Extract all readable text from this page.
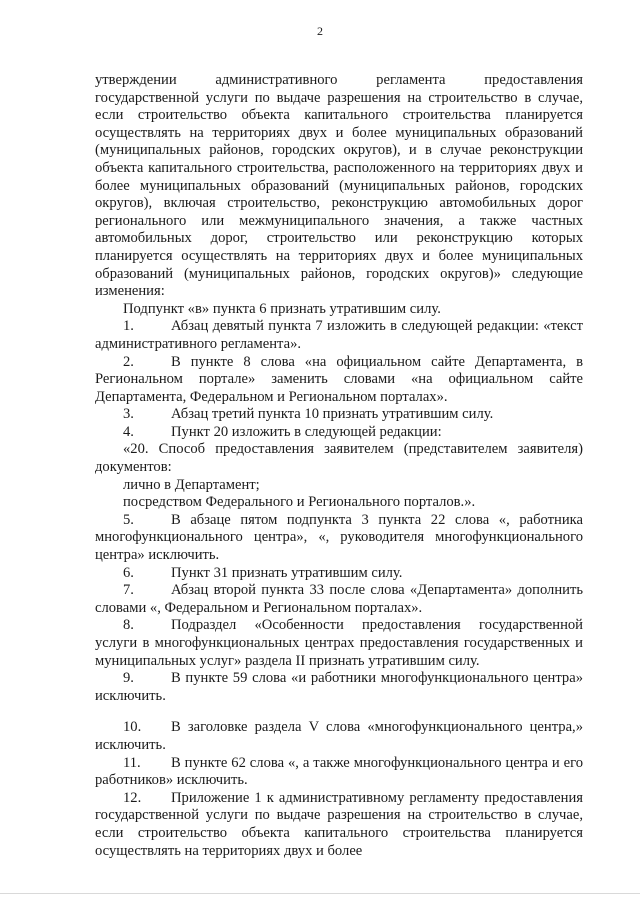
2

утверждении административного регламента предоставления государственной услуги по выдаче разрешения на строительство в случае, если строительство объекта капитального строительства планируется осуществлять на территориях двух и более муниципальных образований (муниципальных районов, городских округов), и в случае реконструкции объекта капитального строительства, расположенного на территориях двух и более муниципальных образований (муниципальных районов, городских округов), включая строительство, реконструкцию автомобильных дорог регионального или межмуниципального значения, а также частных автомобильных дорог, строительство или реконструкцию которых планируется осуществлять на территориях двух и более муниципальных образований (муниципальных районов, городских округов)» следующие изменения:

Подпункт «в» пункта 6 признать утратившим силу.

1.	Абзац девятый пункта 7 изложить в следующей редакции: «текст административного регламента».

2.	В пункте 8 слова «на официальном сайте Департамента, в Региональном портале» заменить словами «на официальном сайте Департамента, Федеральном и Региональном порталах».

3.	Абзац третий пункта 10 признать утратившим силу.

4.	Пункт 20 изложить в следующей редакции:

«20. Способ предоставления заявителем (представителем заявителя) документов:

лично в Департамент;

посредством Федерального и Регионального порталов.».

5.	В абзаце пятом подпункта 3 пункта 22 слова «, работника многофункционального центра», «, руководителя многофункционального центра» исключить.

6.	Пункт 31 признать утратившим силу.

7.	Абзац второй пункта 33 после слова «Департамента» дополнить словами «, Федеральном и Региональном порталах».

8.	Подраздел «Особенности предоставления государственной услуги в многофункциональных центрах предоставления государственных и муниципальных услуг» раздела II признать утратившим силу.

9.	В пункте 59 слова «и работники многофункционального центра» исключить.

10. В заголовке раздела V слова «многофункционального центра,» исключить.

11. В пункте 62 слова «, а также многофункционального центра и его работников» исключить.

12. Приложение 1 к административному регламенту предоставления государственной услуги по выдаче разрешения на строительство в случае, если строительство объекта капитального строительства планируется осуществлять на территориях двух и более
